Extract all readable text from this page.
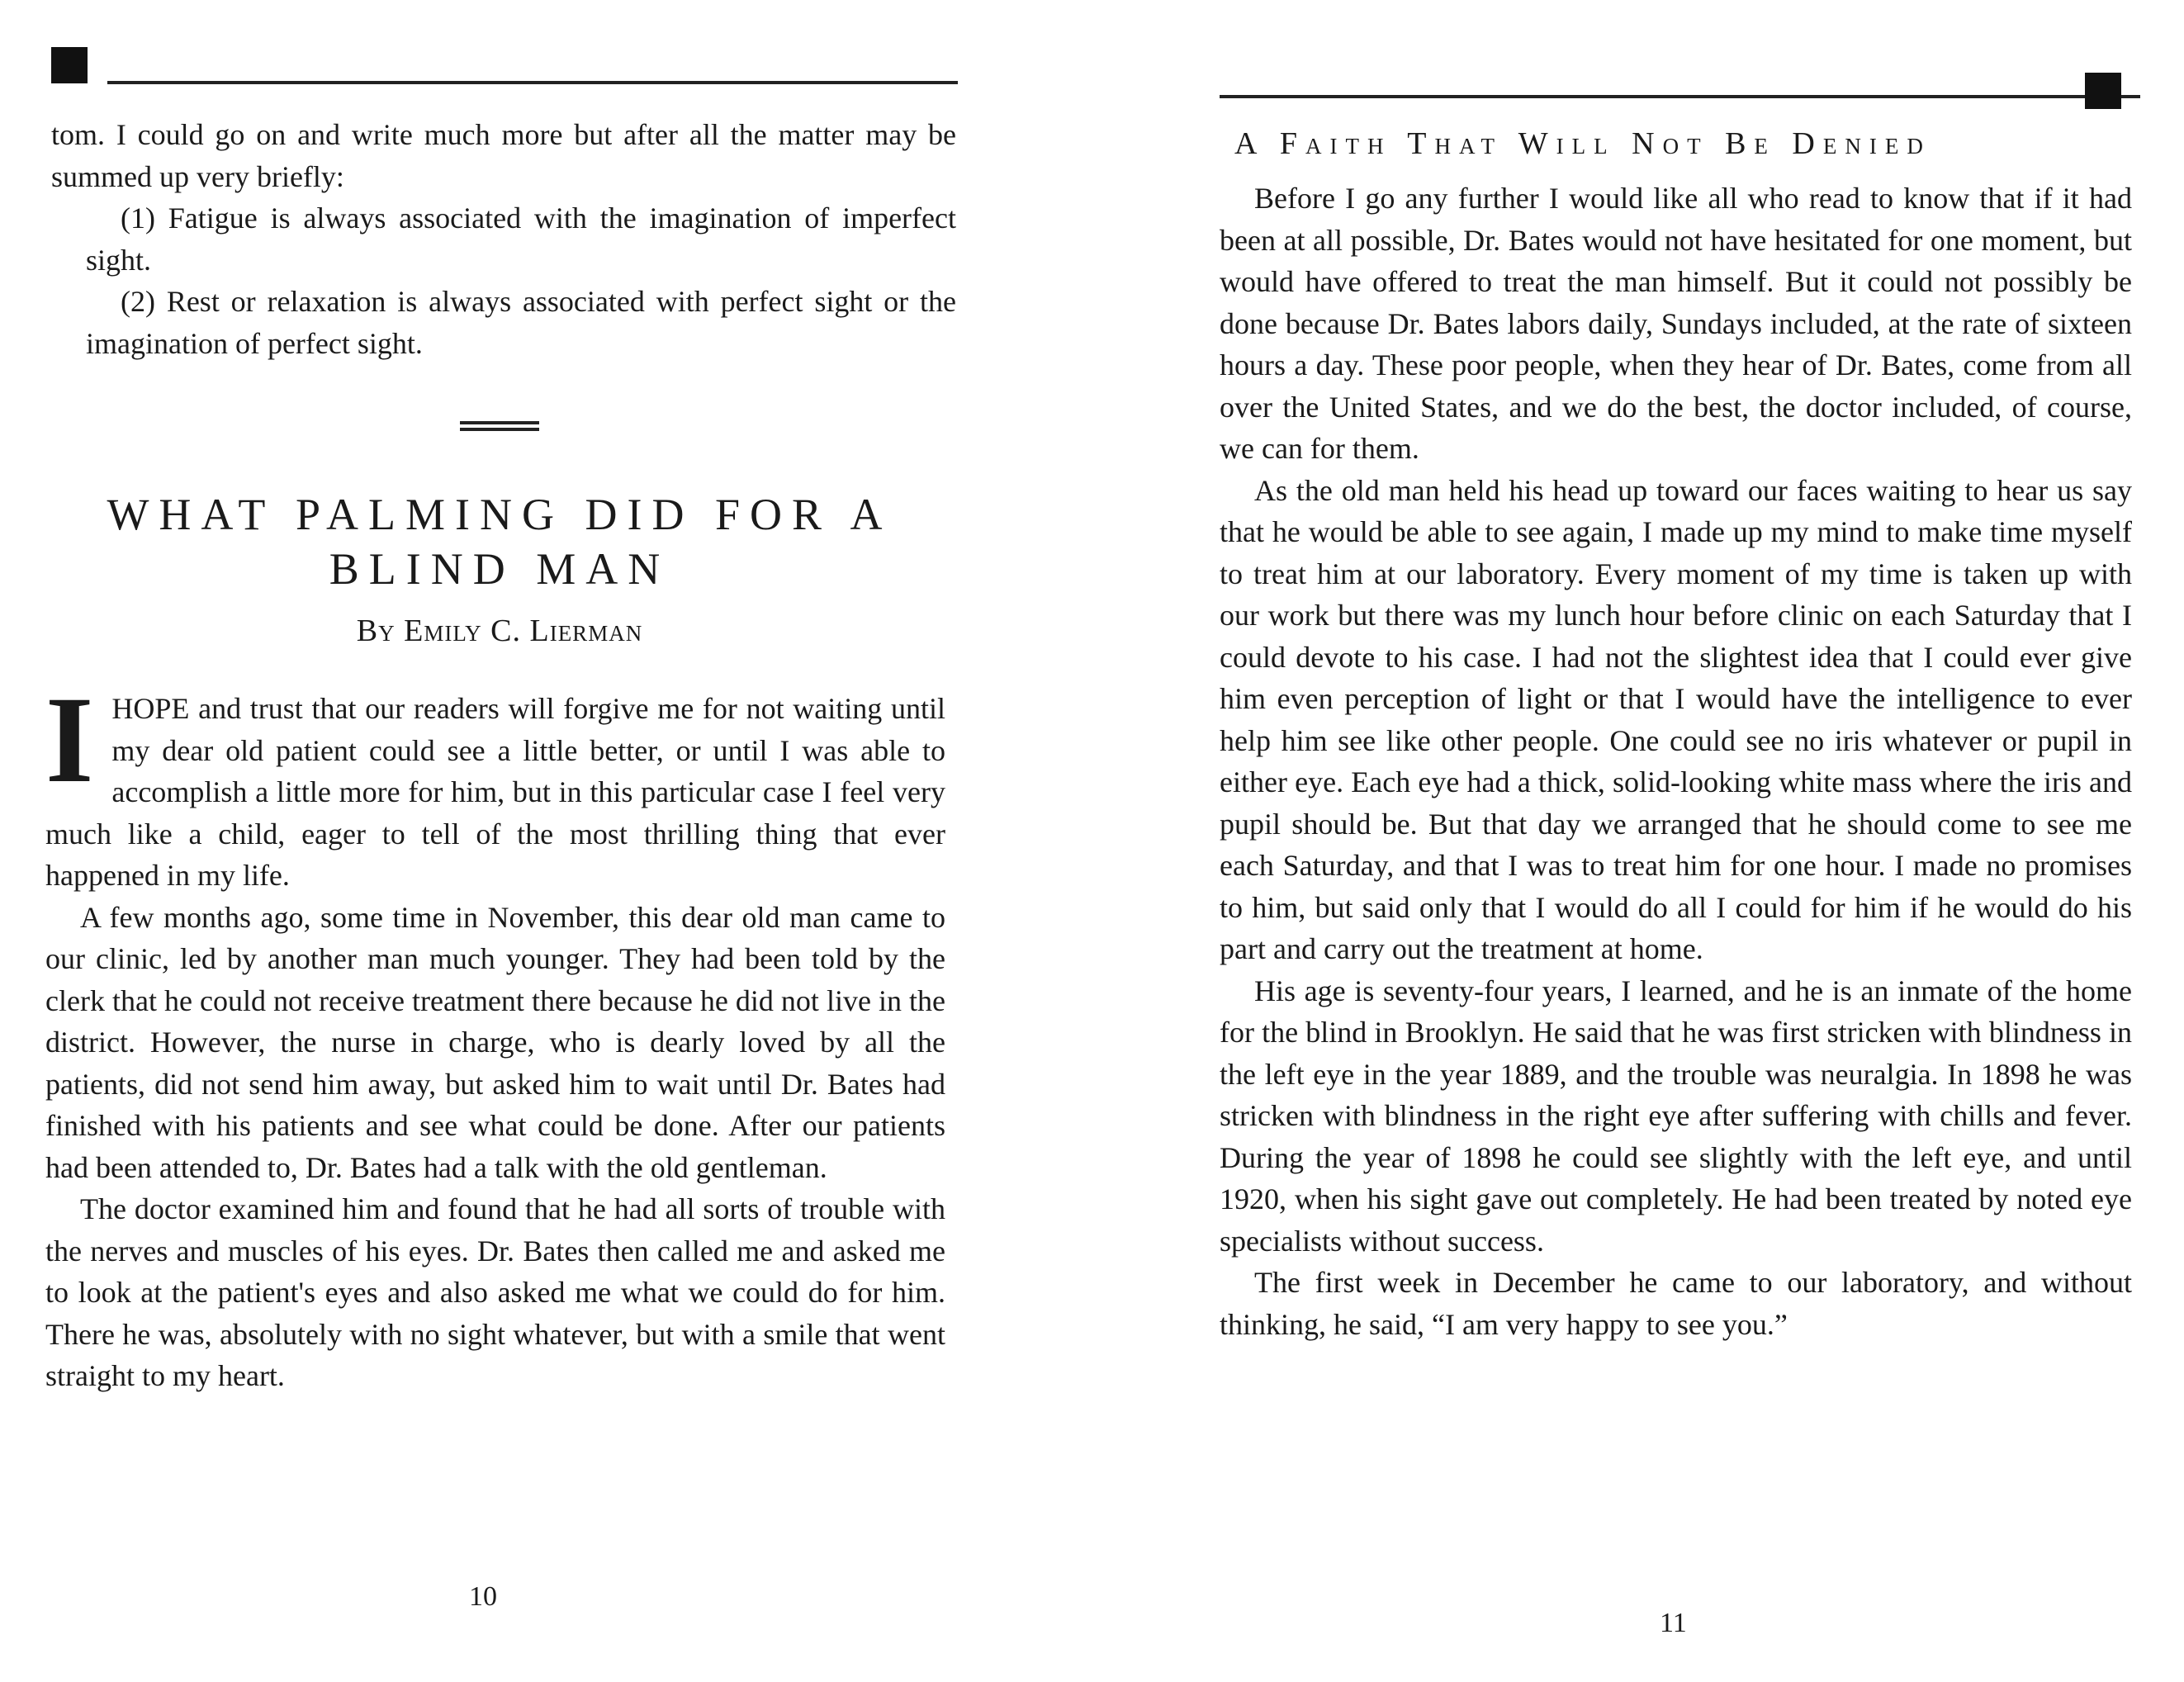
tom. I could go on and write much more but after all the matter may be summed up very briefly:

(1) Fatigue is always associated with the imagination of imperfect sight.

(2) Rest or relaxation is always associated with perfect sight or the imagination of perfect sight.

WHAT PALMING DID FOR A BLIND MAN
By Emily C. Lierman

IHOPE and trust that our readers will forgive me for not waiting until my dear old patient could see a little better, or until I was able to accomplish a little more for him, but in this particular case I feel very much like a child, eager to tell of the most thrilling thing that ever happened in my life.

A few months ago, some time in November, this dear old man came to our clinic, led by another man much younger. They had been told by the clerk that he could not receive treatment there because he did not live in the district. However, the nurse in charge, who is dearly loved by all the patients, did not send him away, but asked him to wait until Dr. Bates had finished with his patients and see what could be done. After our patients had been attended to, Dr. Bates had a talk with the old gentleman.

The doctor examined him and found that he had all sorts of trouble with the nerves and muscles of his eyes. Dr. Bates then called me and asked me to look at the patient's eyes and also asked me what we could do for him. There he was, absolutely with no sight whatever, but with a smile that went straight to my heart.

10
A Faith That Will Not Be Denied

Before I go any further I would like all who read to know that if it had been at all possible, Dr. Bates would not have hesitated for one moment, but would have offered to treat the man himself. But it could not possibly be done because Dr. Bates labors daily, Sundays included, at the rate of sixteen hours a day. These poor people, when they hear of Dr. Bates, come from all over the United States, and we do the best, the doctor included, of course, we can for them.

As the old man held his head up toward our faces waiting to hear us say that he would be able to see again, I made up my mind to make time myself to treat him at our laboratory. Every moment of my time is taken up with our work but there was my lunch hour before clinic on each Saturday that I could devote to his case. I had not the slightest idea that I could ever give him even perception of light or that I would have the intelligence to ever help him see like other people. One could see no iris whatever or pupil in either eye. Each eye had a thick, solid-looking white mass where the iris and pupil should be. But that day we arranged that he should come to see me each Saturday, and that I was to treat him for one hour. I made no promises to him, but said only that I would do all I could for him if he would do his part and carry out the treatment at home.

His age is seventy-four years, I learned, and he is an inmate of the home for the blind in Brooklyn. He said that he was first stricken with blindness in the left eye in the year 1889, and the trouble was neuralgia. In 1898 he was stricken with blindness in the right eye after suffering with chills and fever. During the year of 1898 he could see slightly with the left eye, and until 1920, when his sight gave out completely. He had been treated by noted eye specialists without success.

The first week in December he came to our laboratory, and without thinking, he said, “I am very happy to see you.”

11
